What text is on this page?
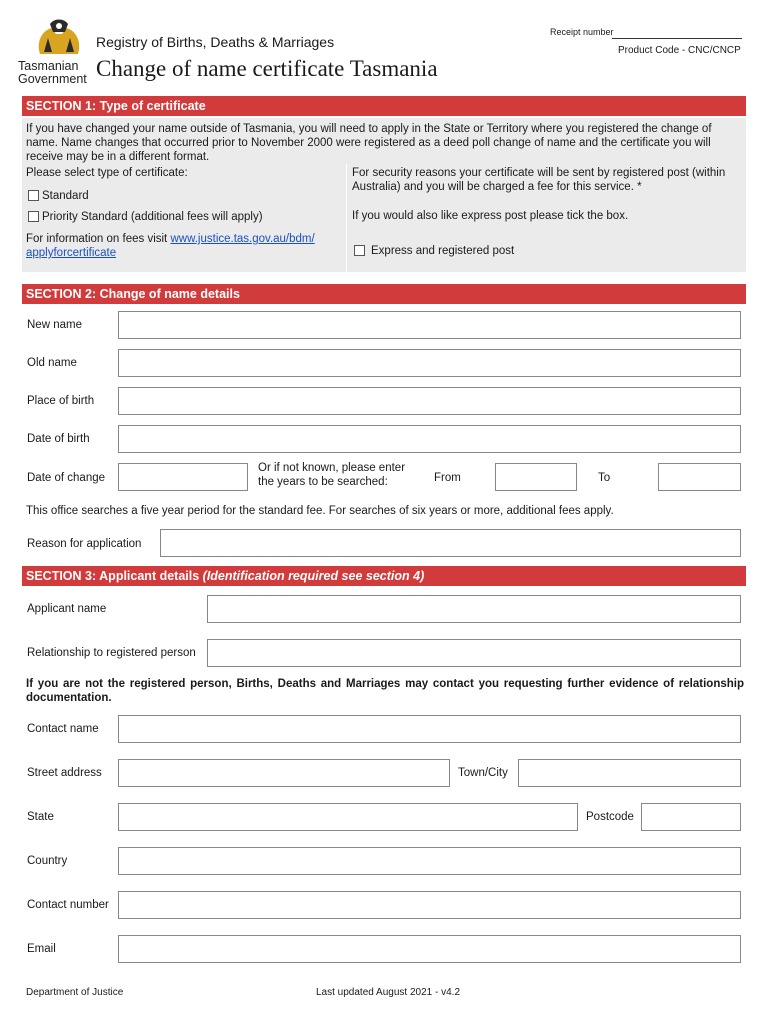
Tasmanian
Government
Registry of Births, Deaths & Marriages
Change of name certificate Tasmania
Receipt number
Product Code - CNC/CNCP
SECTION 1: Type of certificate
If you have changed your name outside of Tasmania, you will need to apply in the State or Territory where you registered the change of name. Name changes that occurred prior to November 2000 were registered as a deed poll change of name and the certificate you will receive may be in a different format.
Please select type of certificate:
Standard
Priority Standard (additional fees will apply)
For information on fees visit www.justice.tas.gov.au/bdm/
applyforcertificate
For security reasons your certificate will be sent by registered post (within Australia) and you will be charged a fee for this service. *
If you would also like express post please tick the box.
Express and registered post
SECTION 2: Change of name details
New name
Old name
Place of birth
Date of birth
Date of change
Or if not known, please enter
the years to be searched:	From	To
This office searches a five year period for the standard fee. For searches of six years or more, additional fees apply.
Reason for application
SECTION 3: Applicant details (Identification required see section 4)
Applicant name
Relationship to registered person
If you are not the registered person, Births, Deaths and Marriages may contact you requesting further evidence of relationship documentation.
Contact name
Street address	Town/City
State	Postcode
Country
Contact number
Email
Department of Justice	Last updated August 2021 - v4.2
